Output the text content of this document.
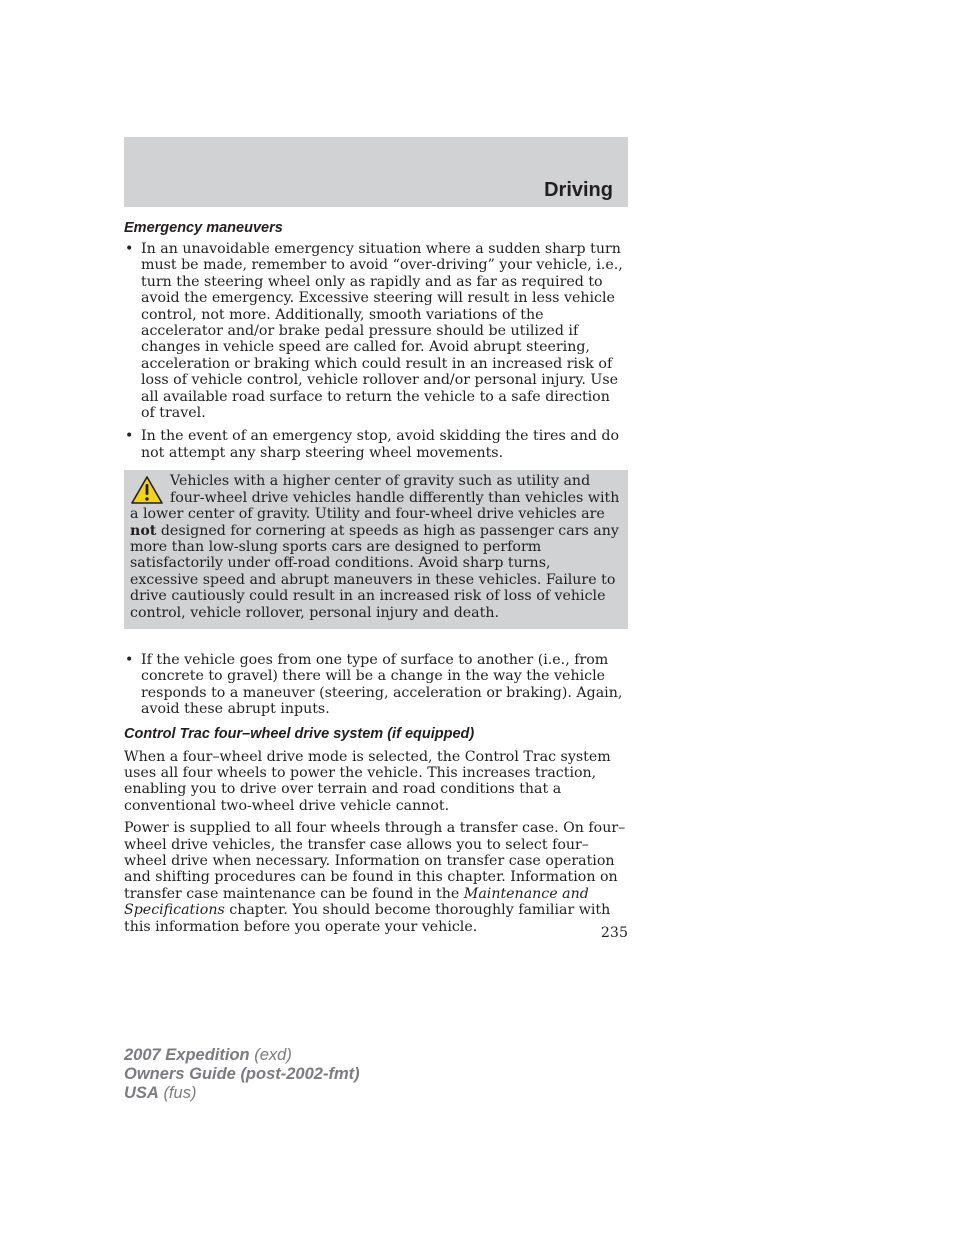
Driving
Emergency maneuvers
• In an unavoidable emergency situation where a sudden sharp turn must be made, remember to avoid “over-driving” your vehicle, i.e., turn the steering wheel only as rapidly and as far as required to avoid the emergency. Excessive steering will result in less vehicle control, not more. Additionally, smooth variations of the accelerator and/or brake pedal pressure should be utilized if changes in vehicle speed are called for. Avoid abrupt steering, acceleration or braking which could result in an increased risk of loss of vehicle control, vehicle rollover and/or personal injury. Use all available road surface to return the vehicle to a safe direction of travel.
• In the event of an emergency stop, avoid skidding the tires and do not attempt any sharp steering wheel movements.

Vehicles with a higher center of gravity such as utility and four-wheel drive vehicles handle differently than vehicles with a lower center of gravity. Utility and four-wheel drive vehicles are not designed for cornering at speeds as high as passenger cars any more than low-slung sports cars are designed to perform satisfactorily under off-road conditions. Avoid sharp turns, excessive speed and abrupt maneuvers in these vehicles. Failure to drive cautiously could result in an increased risk of loss of vehicle control, vehicle rollover, personal injury and death.

• If the vehicle goes from one type of surface to another (i.e., from concrete to gravel) there will be a change in the way the vehicle responds to a maneuver (steering, acceleration or braking). Again, avoid these abrupt inputs.
Control Trac four–wheel drive system (if equipped)

When a four–wheel drive mode is selected, the Control Trac system uses all four wheels to power the vehicle. This increases traction, enabling you to drive over terrain and road conditions that a conventional two-wheel drive vehicle cannot.

Power is supplied to all four wheels through a transfer case. On four–wheel drive vehicles, the transfer case allows you to select four–wheel drive when necessary. Information on transfer case operation and shifting procedures can be found in this chapter. Information on transfer case maintenance can be found in the Maintenance and Specifications chapter. You should become thoroughly familiar with this information before you operate your vehicle.	235
2007 Expedition (exd)
Owners Guide (post-2002-fmt)
USA (fus)
